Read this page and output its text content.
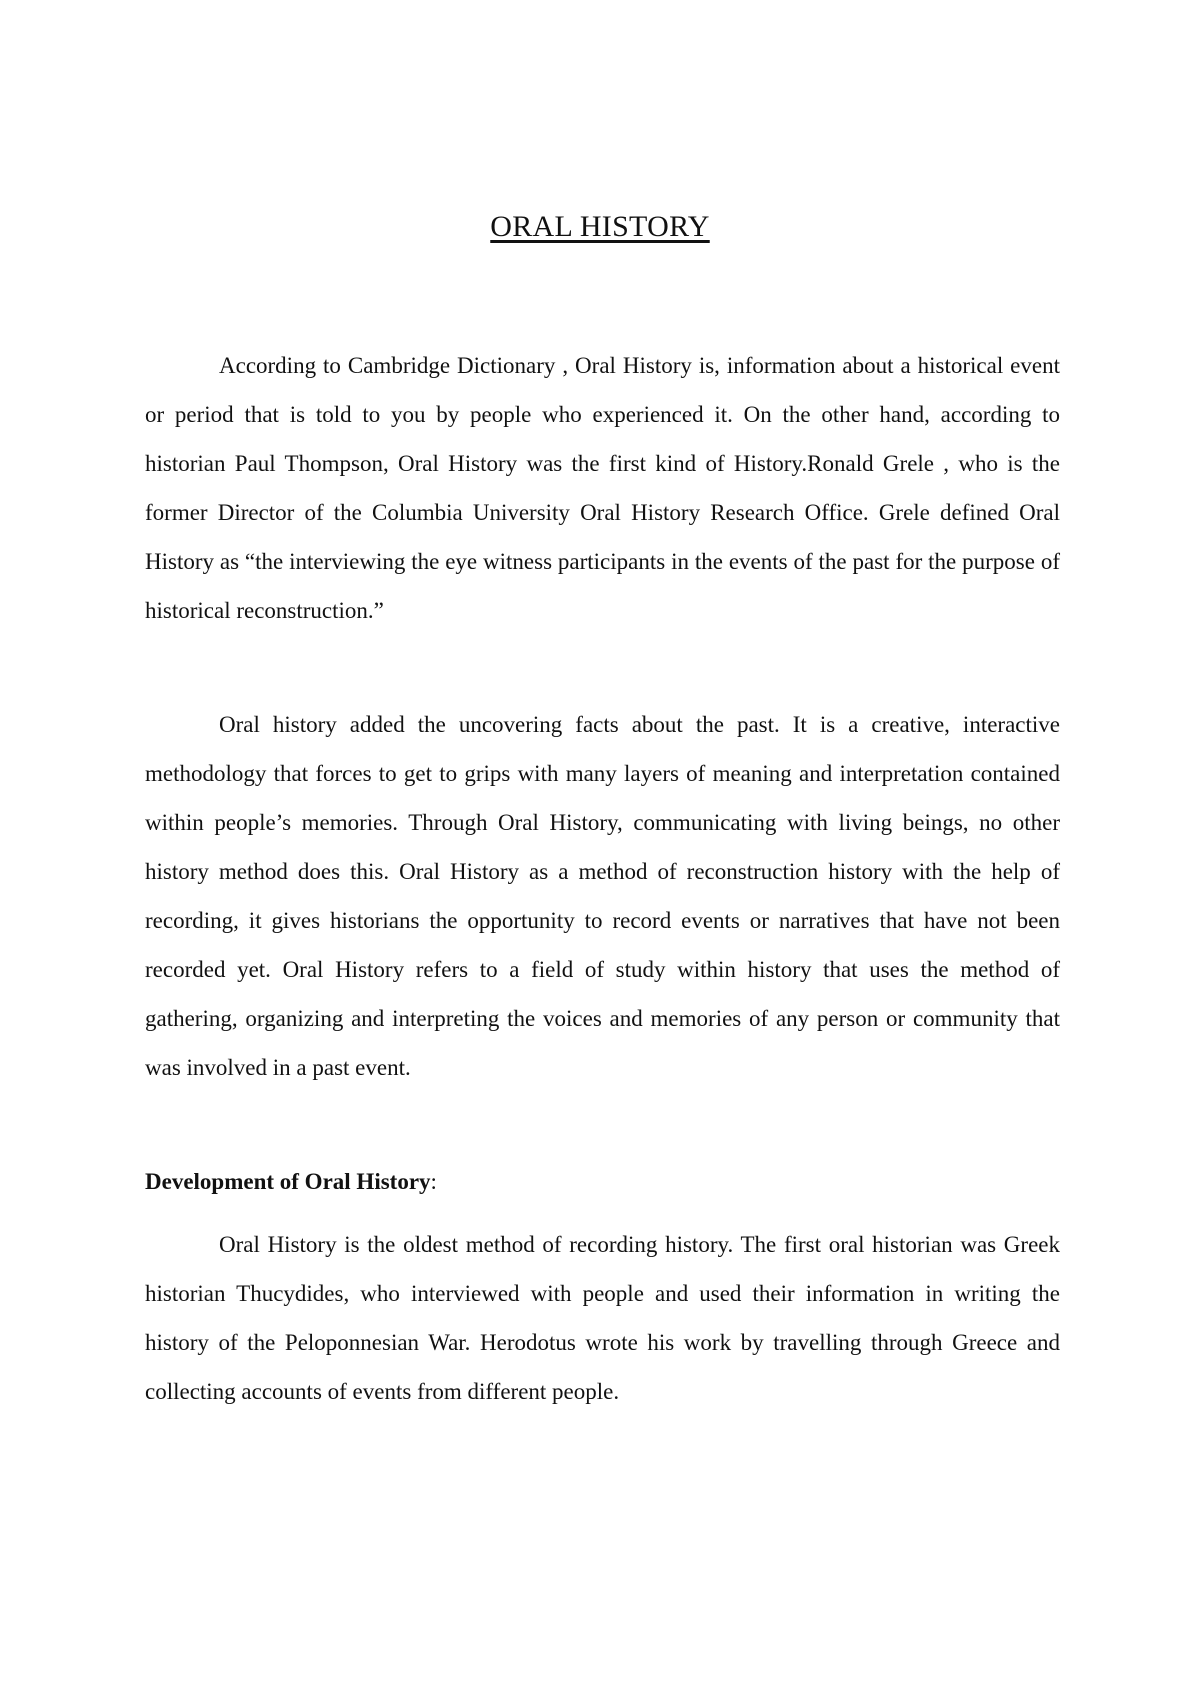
ORAL HISTORY

According to Cambridge Dictionary , Oral History is, information about a historical event or period that is told to you by people who experienced it. On the other hand, according to historian Paul Thompson, Oral History was the first kind of History.Ronald Grele , who is the former Director of the Columbia University Oral History Research Office. Grele defined Oral History as “the interviewing the eye witness participants in the events of the past for the purpose of historical reconstruction.”

Oral history added the uncovering facts about the past. It is a creative, interactive methodology that forces to get to grips with many layers of meaning and interpretation contained within people’s memories. Through Oral History, communicating with living beings, no other history method does this. Oral History as a method of reconstruction history with the help of recording, it gives historians the opportunity to record events or narratives that have not been recorded yet. Oral History refers to a field of study within history that uses the method of gathering, organizing and interpreting the voices and memories of any person or community that was involved in a past event.

Development of Oral History:

Oral History is the oldest method of recording history. The first oral historian was Greek historian Thucydides, who interviewed with people and used their information in writing the history of the Peloponnesian War. Herodotus wrote his work by travelling through Greece and collecting accounts of events from different people.
